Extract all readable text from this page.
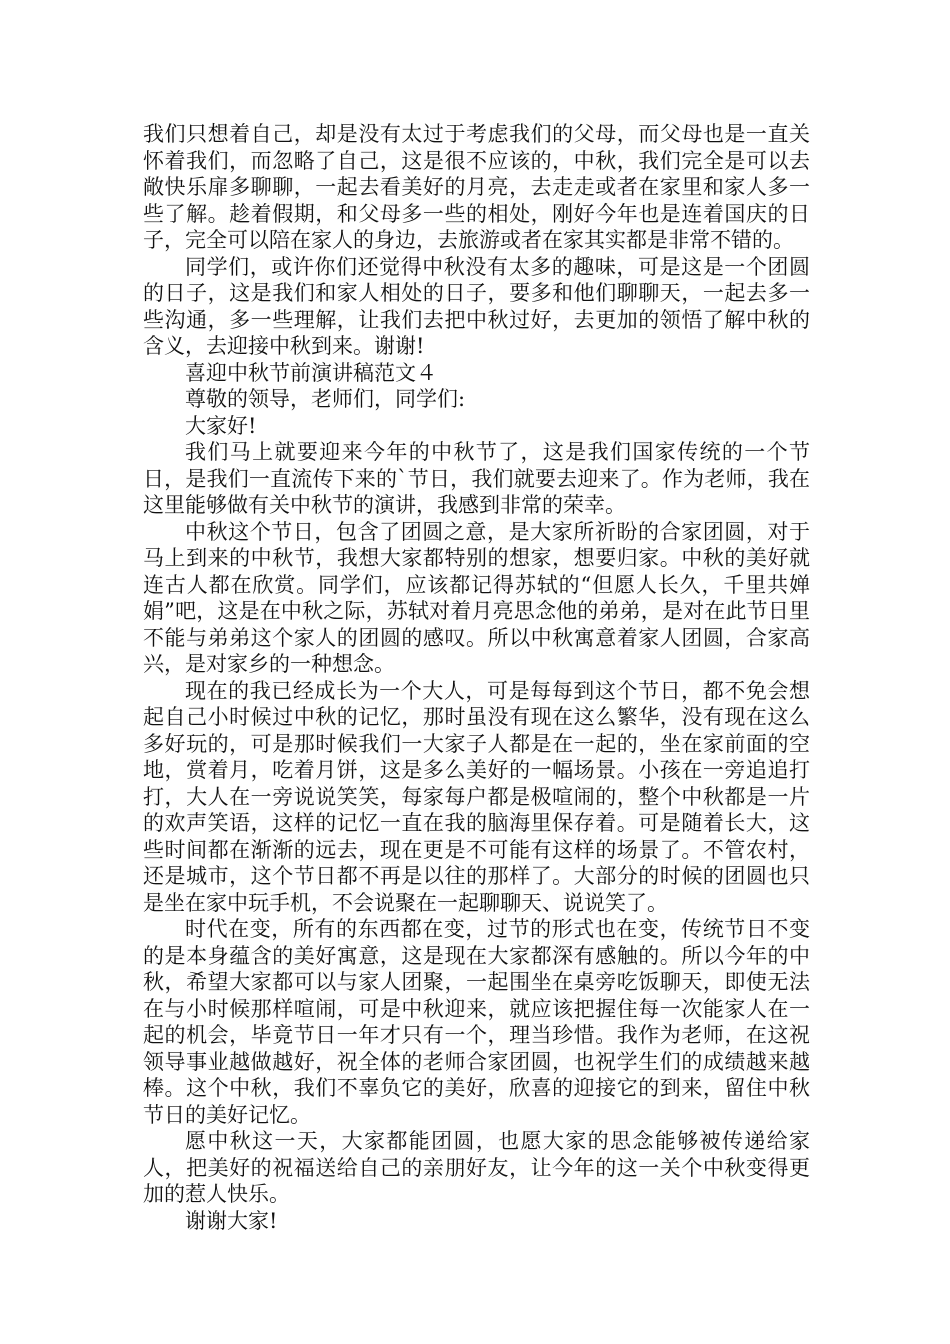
我们只想着自己，却是没有太过于考虑我们的父母，而父母也是一直关怀着我们，而忽略了自己，这是很不应该的，中秋，我们完全是可以去敞快乐扉多聊聊，一起去看美好的月亮，去走走或者在家里和家人多一些了解。趁着假期，和父母多一些的相处，刚好今年也是连着国庆的日子，完全可以陪在家人的身边，去旅游或者在家其实都是非常不错的。

同学们，或许你们还觉得中秋没有太多的趣味，可是这是一个团圆的日子，这是我们和家人相处的日子，要多和他们聊聊天，一起去多一些沟通，多一些理解，让我们去把中秋过好，去更加的领悟了解中秋的含义，去迎接中秋到来。谢谢!

喜迎中秋节前演讲稿范文４

尊敬的领导，老师们，同学们:

大家好!

我们马上就要迎来今年的中秋节了，这是我们国家传统的一个节日，是我们一直流传下来的`节日，我们就要去迎来了。作为老师，我在这里能够做有关中秋节的演讲，我感到非常的荣幸。

中秋这个节日，包含了团圆之意，是大家所祈盼的合家团圆，对于马上到来的中秋节，我想大家都特别的想家，想要归家。中秋的美好就连古人都在欣赏。同学们，应该都记得苏轼的“但愿人长久，千里共婵娟”吧，这是在中秋之际，苏轼对着月亮思念他的弟弟，是对在此节日里不能与弟弟这个家人的团圆的感叹。所以中秋寓意着家人团圆，合家高兴，是对家乡的一种想念。

现在的我已经成长为一个大人，可是每每到这个节日，都不免会想起自己小时候过中秋的记忆，那时虽没有现在这么繁华，没有现在这么多好玩的，可是那时候我们一大家子人都是在一起的，坐在家前面的空地，赏着月，吃着月饼，这是多么美好的一幅场景。小孩在一旁追追打打，大人在一旁说说笑笑，每家每户都是极喧闹的，整个中秋都是一片的欢声笑语，这样的记忆一直在我的脑海里保存着。可是随着长大，这些时间都在渐渐的远去，现在更是不可能有这样的场景了。不管农村，还是城市，这个节日都不再是以往的那样了。大部分的时候的团圆也只是坐在家中玩手机，不会说聚在一起聊聊天、说说笑了。

时代在变，所有的东西都在变，过节的形式也在变，传统节日不变的是本身蕴含的美好寓意，这是现在大家都深有感触的。所以今年的中秋，希望大家都可以与家人团聚，一起围坐在桌旁吃饭聊天，即使无法在与小时候那样喧闹，可是中秋迎来，就应该把握住每一次能家人在一起的机会，毕竟节日一年才只有一个，理当珍惜。我作为老师，在这祝领导事业越做越好，祝全体的老师合家团圆，也祝学生们的成绩越来越棒。这个中秋，我们不辜负它的美好，欣喜的迎接它的到来，留住中秋节日的美好记忆。

愿中秋这一天，大家都能团圆，也愿大家的思念能够被传递给家人，把美好的祝福送给自己的亲朋好友，让今年的这一关个中秋变得更加的惹人快乐。

谢谢大家!
